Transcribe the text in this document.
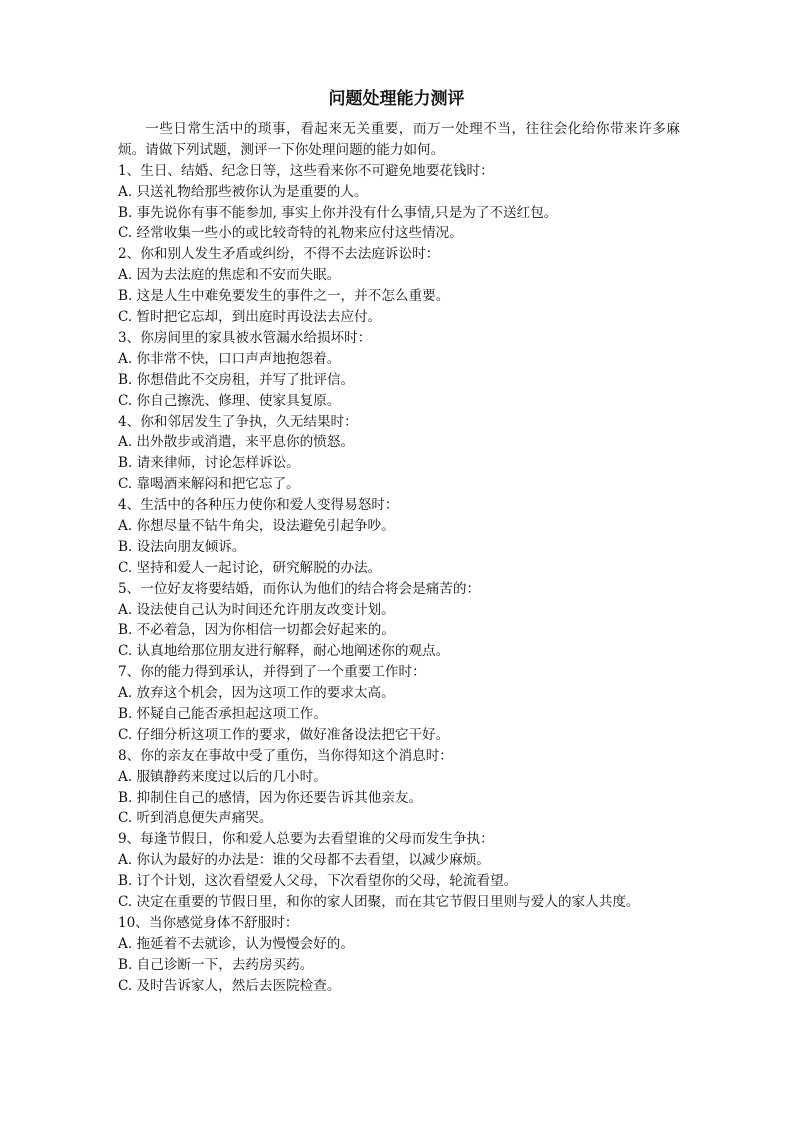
问题处理能力测评
一些日常生活中的琐事，看起来无关重要，而万一处理不当，往往会化给你带来许多麻烦。请做下列试题，测评一下你处理问题的能力如何。
1、生日、结婚、纪念日等，这些看来你不可避免地要花钱时：
A. 只送礼物给那些被你认为是重要的人。
B. 事先说你有事不能参加, 事实上你并没有什么事情,只是为了不送红包。
C. 经常收集一些小的或比较奇特的礼物来应付这些情况。
2、你和别人发生矛盾或纠纷，不得不去法庭诉讼时：
A. 因为去法庭的焦虑和不安而失眠。
B. 这是人生中难免要发生的事件之一，并不怎么重要。
C. 暂时把它忘却，到出庭时再设法去应付。
3、你房间里的家具被水管漏水给损坏时：
A. 你非常不快，口口声声地抱怨着。
B. 你想借此不交房租，并写了批评信。
C. 你自己擦洗、修理、使家具复原。
4、你和邻居发生了争执，久无结果时：
A. 出外散步或消遣，来平息你的愤怒。
B. 请来律师，讨论怎样诉讼。
C. 靠喝酒来解闷和把它忘了。
4、生活中的各种压力使你和爱人变得易怒时：
A. 你想尽量不钻牛角尖，设法避免引起争吵。
B. 设法向朋友倾诉。
C. 坚持和爱人一起讨论，研究解脱的办法。
5、一位好友将要结婚，而你认为他们的结合将会是痛苦的：
A. 设法使自己认为时间还允许朋友改变计划。
B. 不必着急，因为你相信一切都会好起来的。
C. 认真地给那位朋友进行解释，耐心地阐述你的观点。
7、你的能力得到承认，并得到了一个重要工作时：
A. 放弃这个机会，因为这项工作的要求太高。
B. 怀疑自己能否承担起这项工作。
C. 仔细分析这项工作的要求，做好准备设法把它干好。
8、你的亲友在事故中受了重伤，当你得知这个消息时：
A. 服镇静药来度过以后的几小时。
B. 抑制住自己的感情，因为你还要告诉其他亲友。
C. 听到消息便失声痛哭。
9、每逢节假日，你和爱人总要为去看望谁的父母而发生争执：
A. 你认为最好的办法是：谁的父母都不去看望，以减少麻烦。
B. 订个计划，这次看望爱人父母，下次看望你的父母，轮流看望。
C. 决定在重要的节假日里，和你的家人团聚，而在其它节假日里则与爱人的家人共度。
10、当你感觉身体不舒服时：
A. 拖延着不去就诊，认为慢慢会好的。
B. 自己诊断一下，去药房买药。
C. 及时告诉家人，然后去医院检查。
